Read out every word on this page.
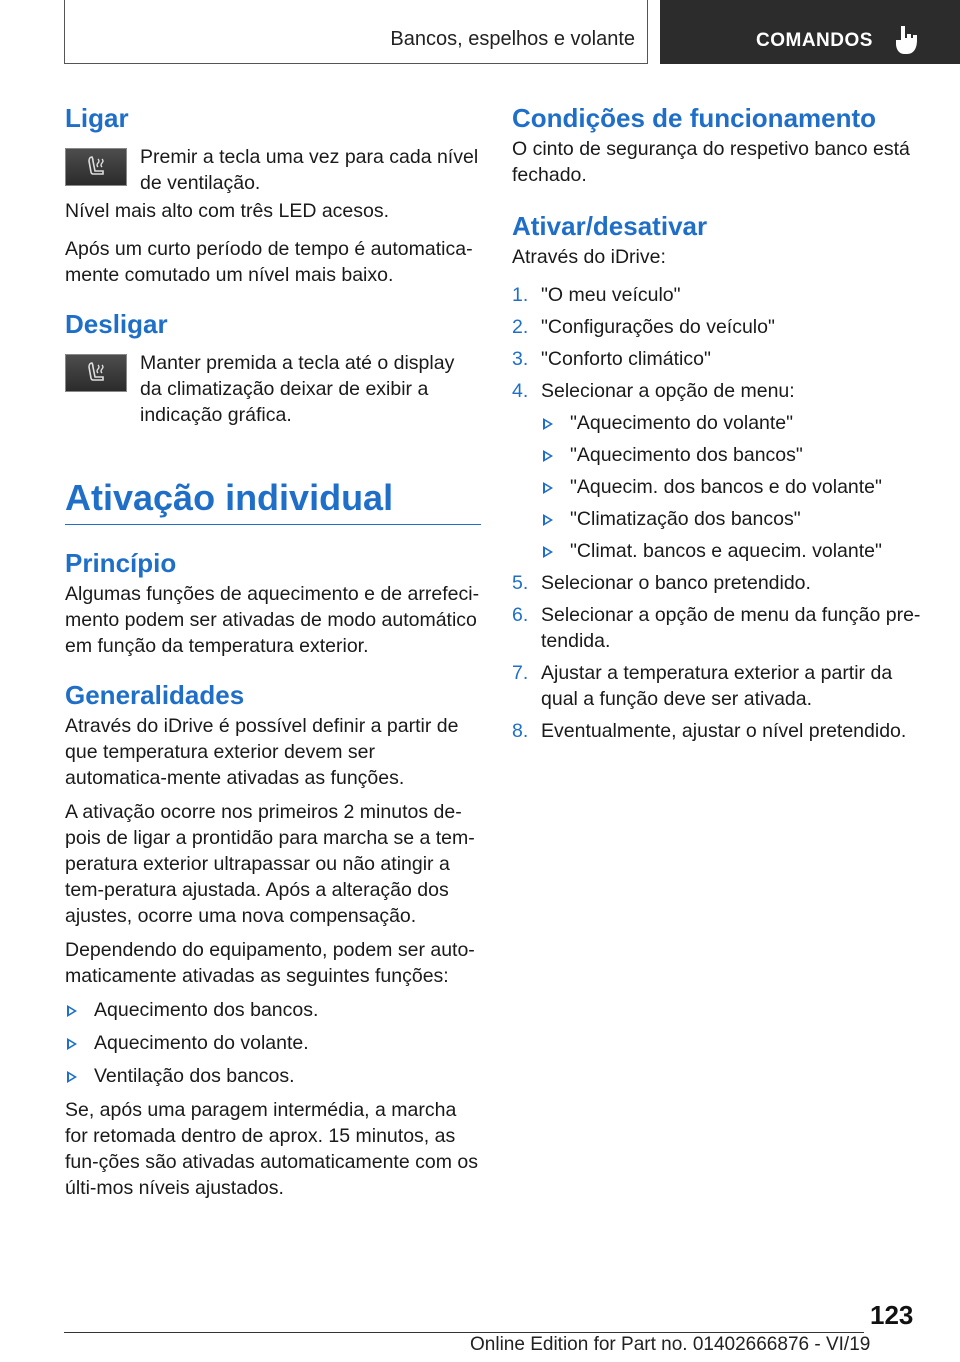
Bancos, espelhos e volante	COMANDOS
Ligar

Premir a tecla uma vez para cada nível de ventilação.

Nível mais alto com três LED acesos.

Após um curto período de tempo é automatica‐mente comutado um nível mais baixo.

Desligar

Manter premida a tecla até o display da climatização deixar de exibir a indicação gráfica.

Ativação individual
Princípio

Algumas funções de aquecimento e de arrefeci‐mento podem ser ativadas de modo automático em função da temperatura exterior.

Generalidades

Através do iDrive é possível definir a partir de que temperatura exterior devem ser automatica‐mente ativadas as funções.

A ativação ocorre nos primeiros 2 minutos de‐pois de ligar a prontidão para marcha se a tem‐peratura exterior ultrapassar ou não atingir a tem‐peratura ajustada. Após a alteração dos ajustes, ocorre uma nova compensação.

Dependendo do equipamento, podem ser auto‐maticamente ativadas as seguintes funções:

Aquecimento dos bancos.
Aquecimento do volante.
Ventilação dos bancos.

Se, após uma paragem intermédia, a marcha for retomada dentro de aprox. 15 minutos, as fun‐ções são ativadas automaticamente com os últi‐mos níveis ajustados.

Condições de funcionamento

O cinto de segurança do respetivo banco está fechado.

Ativar/desativar

Através do iDrive:

1. "O meu veículo"
2. "Configurações do veículo"
3. "Conforto climático"
4. Selecionar a opção de menu:
"Aquecimento do volante"
"Aquecimento dos bancos"
"Aquecim. dos bancos e do volante"
"Climatização dos bancos"
"Climat. bancos e aquecim. volante"
5. Selecionar o banco pretendido.
6. Selecionar a opção de menu da função pre‐tendida.
7. Ajustar a temperatura exterior a partir da qual a função deve ser ativada.
8. Eventualmente, ajustar o nível pretendido.
123
Online Edition for Part no. 01402666876 - VI/19
